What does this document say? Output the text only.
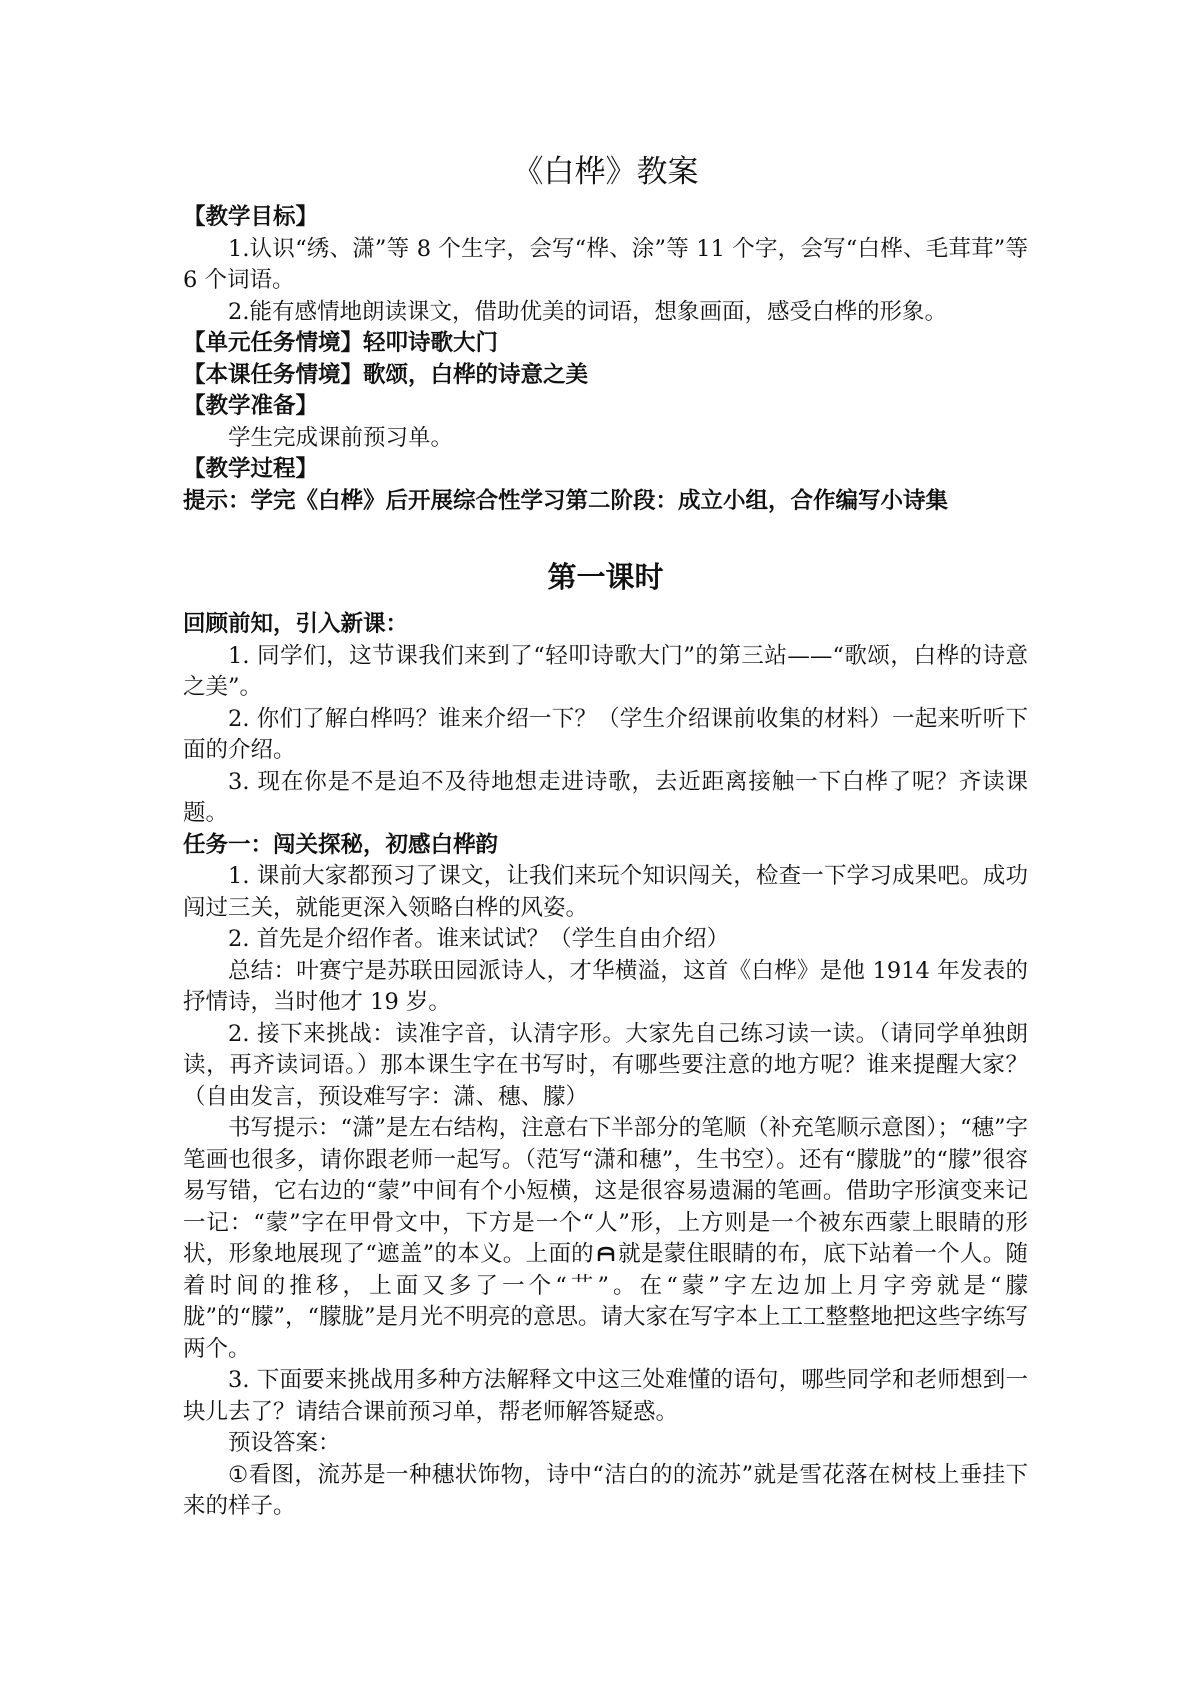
《白桦》教案

【教学目标】

1.认识“绣、潇”等 8 个生字，会写“桦、涂”等 11 个字，会写“白桦、毛茸茸”等 6 个词语。

2.能有感情地朗读课文，借助优美的词语，想象画面，感受白桦的形象。

【单元任务情境】轻叩诗歌大门

【本课任务情境】歌颂，白桦的诗意之美

【教学准备】

学生完成课前预习单。

【教学过程】

提示：学完《白桦》后开展综合性学习第二阶段：成立小组，合作编写小诗集

第一课时

回顾前知，引入新课：

1. 同学们，这节课我们来到了“轻叩诗歌大门”的第三站——“歌颂，白桦的诗意之美”。

2. 你们了解白桦吗？谁来介绍一下？（学生介绍课前收集的材料）一起来听听下面的介绍。

3. 现在你是不是迫不及待地想走进诗歌，去近距离接触一下白桦了呢？齐读课题。

任务一：闯关探秘，初感白桦韵

1. 课前大家都预习了课文，让我们来玩个知识闯关，检查一下学习成果吧。成功闯过三关，就能更深入领略白桦的风姿。

2. 首先是介绍作者。谁来试试？（学生自由介绍）

总结：叶赛宁是苏联田园派诗人，才华横溢，这首《白桦》是他 1914 年发表的抒情诗，当时他才 19 岁。

2. 接下来挑战：读准字音，认清字形。大家先自己练习读一读。（请同学单独朗读，再齐读词语。）那本课生字在书写时，有哪些要注意的地方呢？谁来提醒大家？（自由发言，预设难写字：潇、穗、朦）

书写提示：“潇”是左右结构，注意右下半部分的笔顺（补充笔顺示意图）；“穗”字笔画也很多，请你跟老师一起写。（范写“潇和穗”，生书空）。还有“朦胧”的“朦”很容易写错，它右边的“蒙”中间有个小短横，这是很容易遗漏的笔画。借助字形演变来记一记：“蒙”字在甲骨文中，下方是一个“人”形，上方则是一个被东西蒙上眼睛的形状，形象地展现了“遮盖”的本义。上面的 就是蒙住眼睛的布，底下站着一个人。随着时间的推移，上面又多了一个“艹”。在“蒙”字左边加上月字旁就是“朦胧”的“朦”，“朦胧”是月光不明亮的意思。请大家在写字本上工工整整地把这些字练写两个。

3. 下面要来挑战用多种方法解释文中这三处难懂的语句，哪些同学和老师想到一块儿去了？请结合课前预习单，帮老师解答疑惑。

预设答案：

①看图，流苏是一种穗状饰物，诗中“洁白的的流苏”就是雪花落在树枝上垂挂下来的样子。
